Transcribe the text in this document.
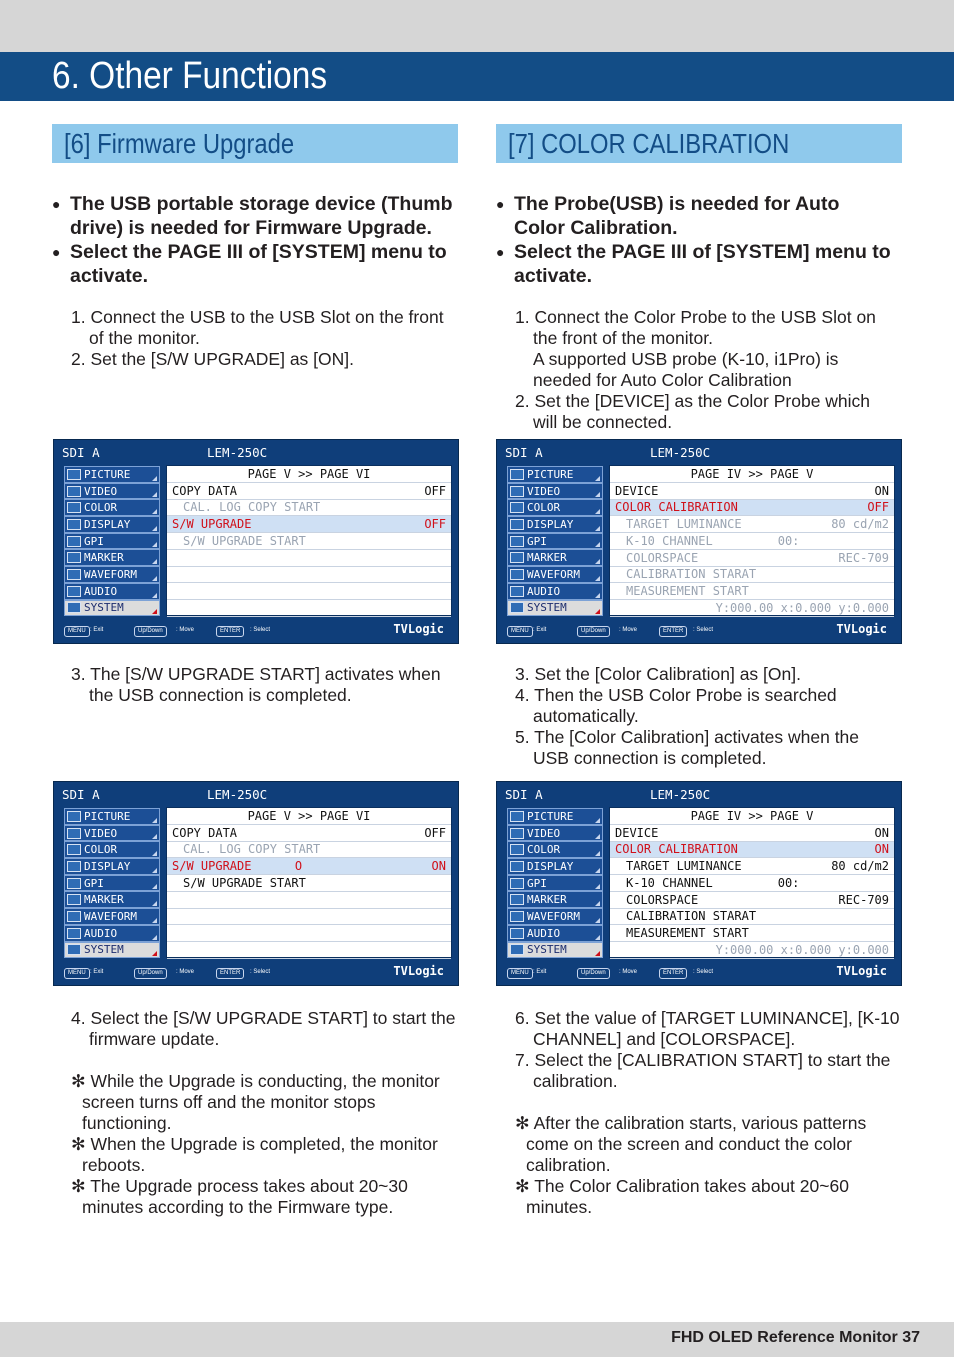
6. Other Functions
[6] Firmware Upgrade
● The USB portable storage device (Thumb
drive) is needed for Firmware Upgrade.
● Select the PAGE III of [SYSTEM] menu to
activate.
1. Connect the USB to the USB Slot on the front
of the monitor.
2. Set the [S/W UPGRADE] as [ON].
SDI A	LEM-250C
PICTURE
VIDEO
COLOR
DISPLAY
GPI
MARKER
WAVEFORM
AUDIO
SYSTEM
PAGE V >> PAGE VI
COPY DATA	OFF
CAL. LOG COPY START
S/W UPGRADE	OFF
S/W UPGRADE START
MENU : Exit	Up/Down	: Move	ENTER	: Select	TVLogic
3. The [S/W UPGRADE START] activates when
the USB connection is completed.
SDI A	LEM-250C
PICTURE
VIDEO
COLOR
DISPLAY
GPI
MARKER
WAVEFORM
AUDIO
SYSTEM
PAGE V >> PAGE VI
COPY DATA	OFF
CAL. LOG COPY START
S/W UPGRADE      O	ON
S/W UPGRADE START
MENU : Exit	Up/Down	: Move	ENTER	: Select	TVLogic
4. Select the [S/W UPGRADE START] to start the
firmware update.
✻ While the Upgrade is conducting, the monitor
screen turns off and the monitor stops
functioning.
✻ When the Upgrade is completed, the monitor
reboots.
✻ The Upgrade process takes about 20~30
minutes according to the Firmware type.
[7] COLOR CALIBRATION
● The Probe(USB) is needed for Auto
Color Calibration.
● Select the PAGE III of [SYSTEM] menu to
activate.
1. Connect the Color Probe to the USB Slot on
the front of the monitor.
A supported USB probe (K-10, i1Pro) is
needed for Auto Color Calibration
2. Set the [DEVICE] as the Color Probe which
will be connected.
SDI A	LEM-250C
PICTURE
VIDEO
COLOR
DISPLAY
GPI
MARKER
WAVEFORM
AUDIO
SYSTEM
PAGE IV >> PAGE V
DEVICE	ON
COLOR CALIBRATION	OFF
TARGET LUMINANCE	80 cd/m2
K-10 CHANNEL         00:
COLORSPACE	REC-709
CALIBRATION STARAT
MEASUREMENT START
Y:000.00 x:0.000 y:0.000
MENU : Exit	Up/Down	: Move	ENTER	: Select	TVLogic
3. Set the [Color Calibration] as [On].
4. Then the USB Color Probe is searched
automatically.
5. The [Color Calibration] activates when the
USB connection is completed.
SDI A	LEM-250C
PICTURE
VIDEO
COLOR
DISPLAY
GPI
MARKER
WAVEFORM
AUDIO
SYSTEM
PAGE IV >> PAGE V
DEVICE	ON
COLOR CALIBRATION	ON
TARGET LUMINANCE	80 cd/m2
K-10 CHANNEL         00:
COLORSPACE	REC-709
CALIBRATION STARAT
MEASUREMENT START
Y:000.00 x:0.000 y:0.000
MENU : Exit	Up/Down	: Move	ENTER	: Select	TVLogic
6. Set the value of [TARGET LUMINANCE], [K-10
CHANNEL] and [COLORSPACE].
7. Select the [CALIBRATION START] to start the
calibration.
✻ After the calibration starts, various patterns
come on the screen and conduct the color
calibration.
✻ The Color Calibration takes about 20~60
minutes.
FHD OLED Reference Monitor 37
